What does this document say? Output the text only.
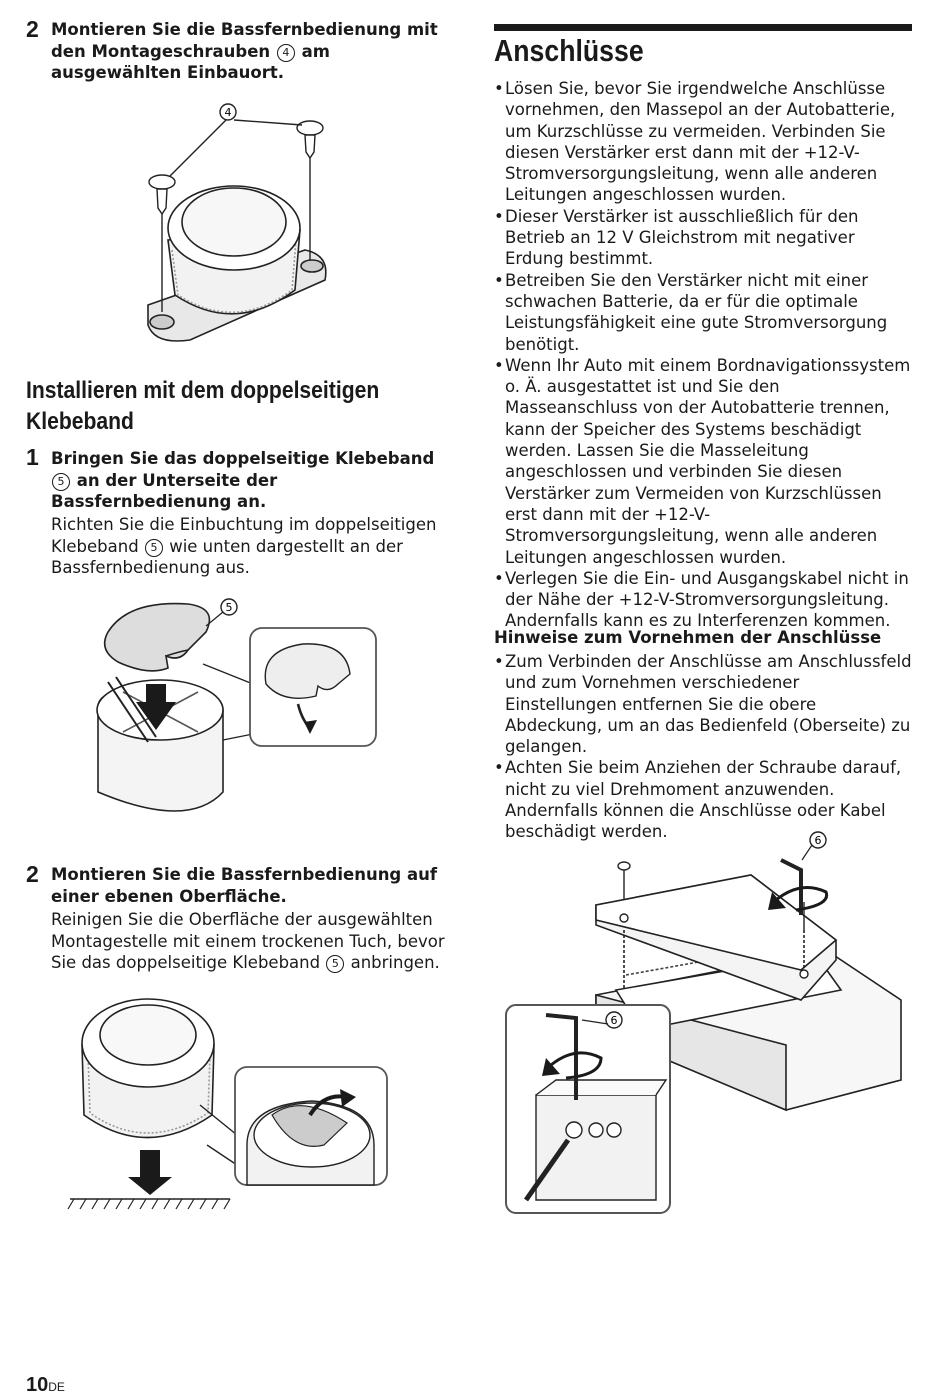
2 Montieren Sie die Bassfernbedienung mit den Montageschrauben 4 am ausgewählten Einbauort.
4
Installieren mit dem doppelseitigen Klebeband
1 Bringen Sie das doppelseitige Klebeband 5 an der Unterseite der Bassfernbedienung an.
Richten Sie die Einbuchtung im doppelseitigen Klebeband 5 wie unten dargestellt an der Bassfernbedienung aus.
5
2 Montieren Sie die Bassfernbedienung auf einer ebenen Oberfläche.
Reinigen Sie die Oberfläche der ausgewählten Montagestelle mit einem trockenen Tuch, bevor Sie das doppelseitige Klebeband 5 anbringen.
Anschlüsse
• Lösen Sie, bevor Sie irgendwelche Anschlüsse vornehmen, den Massepol an der Autobatterie, um Kurzschlüsse zu vermeiden. Verbinden Sie diesen Verstärker erst dann mit der +12-V-Stromversorgungsleitung, wenn alle anderen Leitungen angeschlossen wurden.
• Dieser Verstärker ist ausschließlich für den Betrieb an 12 V Gleichstrom mit negativer Erdung bestimmt.
• Betreiben Sie den Verstärker nicht mit einer schwachen Batterie, da er für die optimale Leistungsfähigkeit eine gute Stromversorgung benötigt.
• Wenn Ihr Auto mit einem Bordnavigationssystem o. Ä. ausgestattet ist und Sie den Masseanschluss von der Autobatterie trennen, kann der Speicher des Systems beschädigt werden. Lassen Sie die Masseleitung angeschlossen und verbinden Sie diesen Verstärker zum Vermeiden von Kurzschlüssen erst dann mit der +12-V-Stromversorgungsleitung, wenn alle anderen Leitungen angeschlossen wurden.
• Verlegen Sie die Ein- und Ausgangskabel nicht in der Nähe der +12-V-Stromversorgungsleitung. Andernfalls kann es zu Interferenzen kommen.
Hinweise zum Vornehmen der Anschlüsse
• Zum Verbinden der Anschlüsse am Anschlussfeld und zum Vornehmen verschiedener Einstellungen entfernen Sie die obere Abdeckung, um an das Bedienfeld (Oberseite) zu gelangen.
• Achten Sie beim Anziehen der Schraube darauf, nicht zu viel Drehmoment anzuwenden. Andernfalls können die Anschlüsse oder Kabel beschädigt werden.	6
6
10DE
